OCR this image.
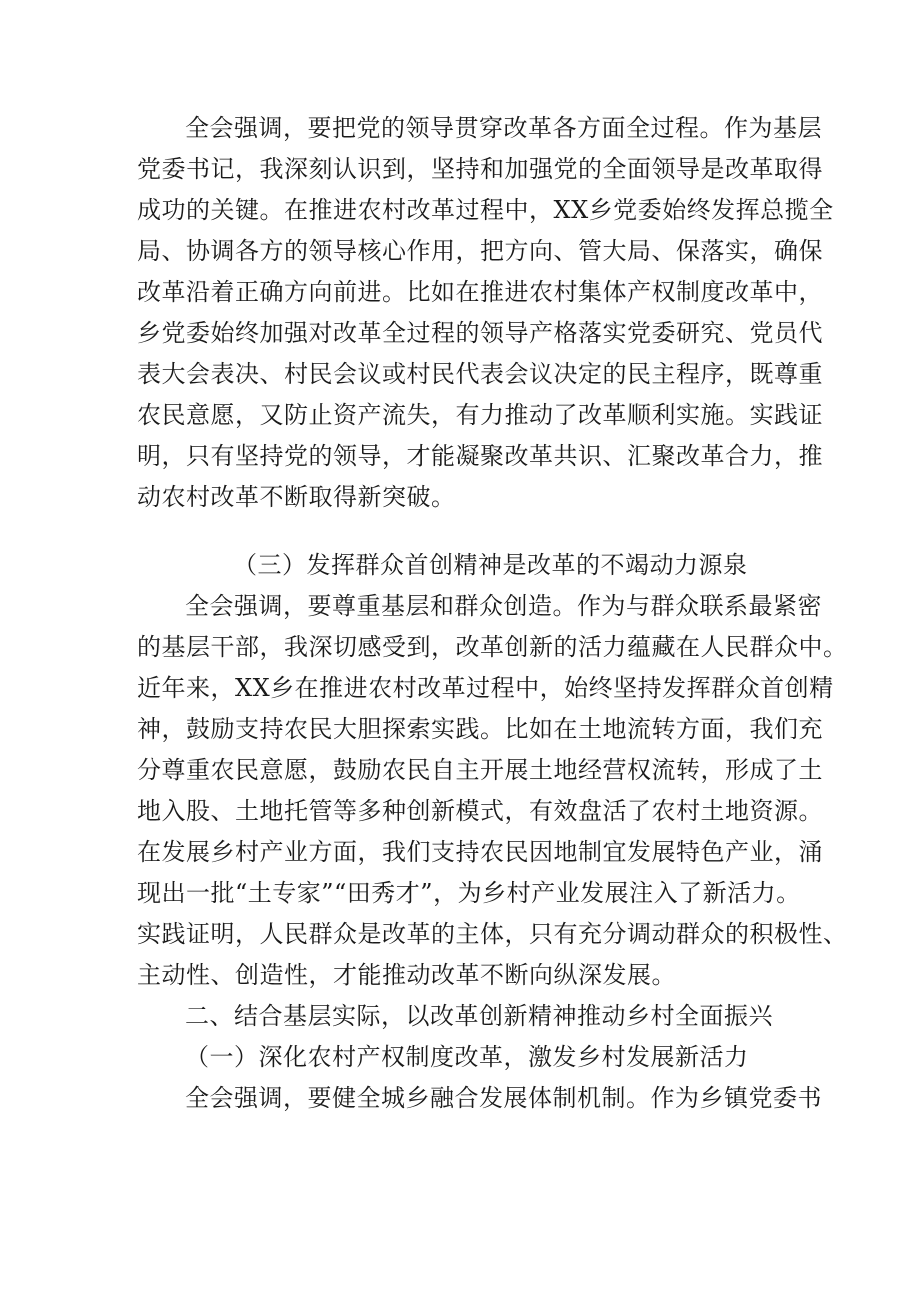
全会强调，要把党的领导贯穿改革各方面全过程。作为基层
党委书记，我深刻认识到，坚持和加强党的全面领导是改革取得
成功的关键。在推进农村改革过程中，XX乡党委始终发挥总揽全
局、协调各方的领导核心作用，把方向、管大局、保落实，确保
改革沿着正确方向前进。比如在推进农村集体产权制度改革中，
乡党委始终加强对改革全过程的领导产格落实党委研究、党员代
表大会表决、村民会议或村民代表会议决定的民主程序，既尊重
农民意愿，又防止资产流失，有力推动了改革顺利实施。实践证
明，只有坚持党的领导，才能凝聚改革共识、汇聚改革合力，推
动农村改革不断取得新突破。
（三）发挥群众首创精神是改革的不竭动力源泉
全会强调，要尊重基层和群众创造。作为与群众联系最紧密
的基层干部，我深切感受到，改革创新的活力蕴藏在人民群众中。
近年来，XX乡在推进农村改革过程中，始终坚持发挥群众首创精
神，鼓励支持农民大胆探索实践。比如在土地流转方面，我们充
分尊重农民意愿，鼓励农民自主开展土地经营权流转，形成了土
地入股、土地托管等多种创新模式，有效盘活了农村土地资源。
在发展乡村产业方面，我们支持农民因地制宜发展特色产业，涌
现出一批“土专家”“田秀才”，为乡村产业发展注入了新活力。
实践证明，人民群众是改革的主体，只有充分调动群众的积极性、
主动性、创造性，才能推动改革不断向纵深发展。
二、结合基层实际，以改革创新精神推动乡村全面振兴
（一）深化农村产权制度改革，激发乡村发展新活力
全会强调，要健全城乡融合发展体制机制。作为乡镇党委书
